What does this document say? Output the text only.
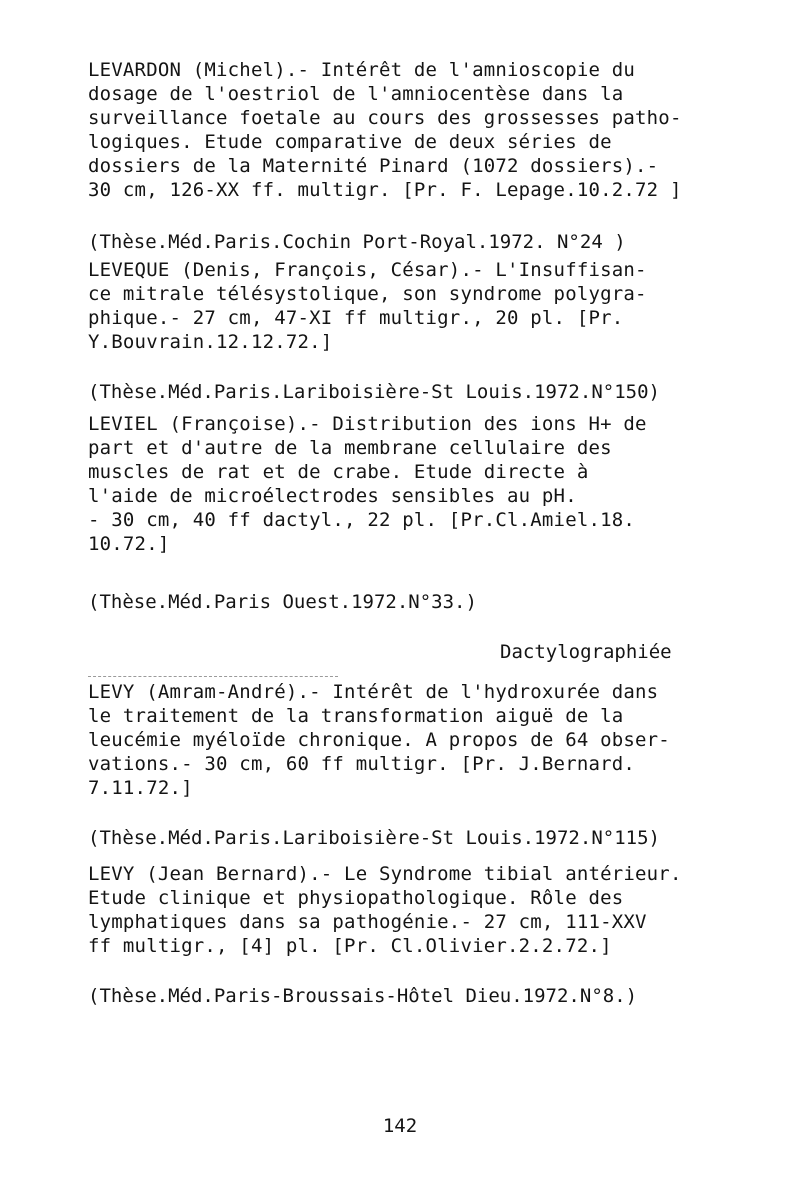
LEVARDON (Michel).- Intérêt de l'amnioscopie du
dosage de l'oestriol de l'amniocentèse dans la
surveillance foetale au cours des grossesses patho-
logiques. Etude comparative de deux séries de
dossiers de la Maternité Pinard (1072 dossiers).-
30 cm, 126-XX ff. multigr. [Pr. F. Lepage.10.2.72 ]
(Thèse.Méd.Paris.Cochin Port-Royal.1972. N°24 )
LEVEQUE (Denis, François, César).- L'Insuffisan-
ce mitrale télésystolique, son syndrome polygra-
phique.- 27 cm, 47-XI ff multigr., 20 pl. [Pr.
Y.Bouvrain.12.12.72.]
(Thèse.Méd.Paris.Lariboisière-St Louis.1972.N°150)
LEVIEL (Françoise).- Distribution des ions H+ de
part et d'autre de la membrane cellulaire des
muscles de rat et de crabe. Etude directe à
l'aide de microélectrodes sensibles au pH.
- 30 cm, 40 ff dactyl., 22 pl. [Pr.Cl.Amiel.18.
10.72.]
(Thèse.Méd.Paris Ouest.1972.N°33.)
Dactylographiée
LEVY (Amram-André).- Intérêt de l'hydroxurée dans
le traitement de la transformation aiguë de la
leucémie myéloïde chronique. A propos de 64 obser-
vations.- 30 cm, 60 ff multigr. [Pr. J.Bernard.
7.11.72.]
(Thèse.Méd.Paris.Lariboisière-St Louis.1972.N°115)
LEVY (Jean Bernard).- Le Syndrome tibial antérieur.
Etude clinique et physiopathologique. Rôle des
lymphatiques dans sa pathogénie.- 27 cm, 111-XXV
ff multigr., [4] pl. [Pr. Cl.Olivier.2.2.72.]
(Thèse.Méd.Paris-Broussais-Hôtel Dieu.1972.N°8.)
142
